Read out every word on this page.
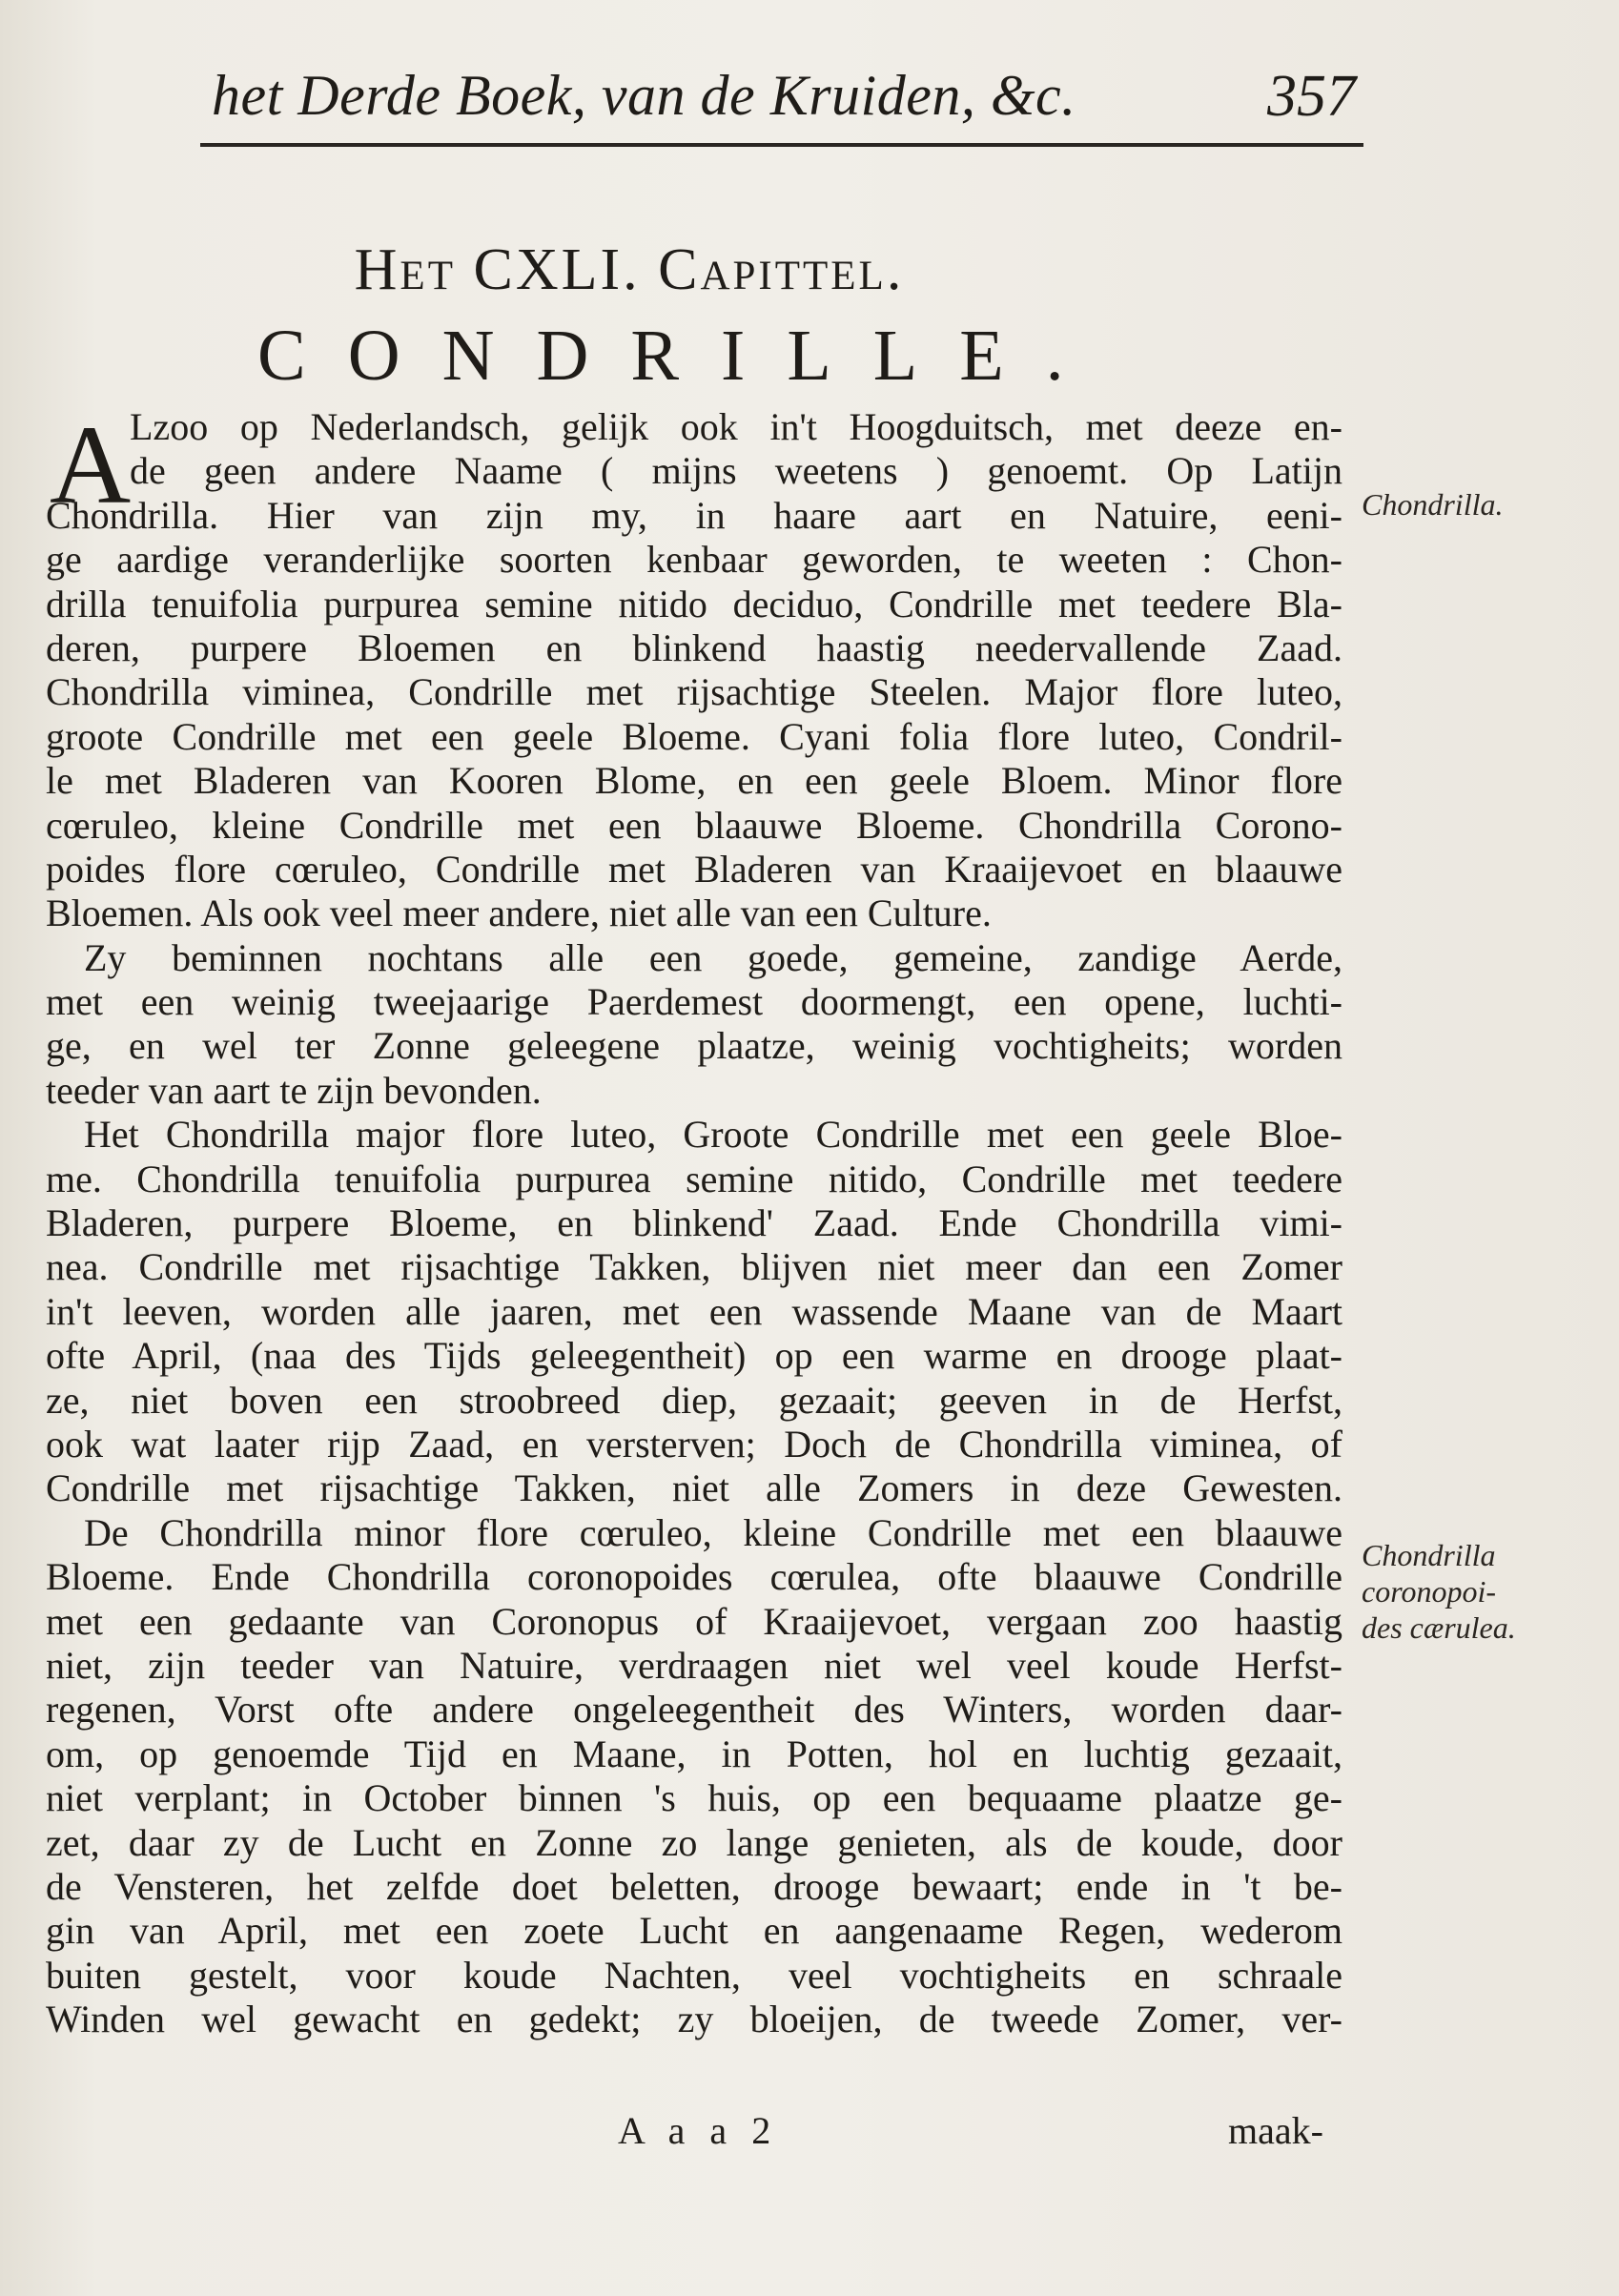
het Derde Boek, van de Kruiden, &c.	357
Het CXLI. Capittel.
CONDRILLE.
A
Lzoo op Nederlandsch, gelijk ook in't Hoogduitsch, met deeze en-
de geen andere Naame ( mijns weetens ) genoemt. Op Latijn
Chondrilla. Hier van zijn my, in haare aart en Natuire, eeni-
ge aardige veranderlijke soorten kenbaar geworden, te weeten : Chon-
drilla tenuifolia purpurea semine nitido deciduo, Condrille met teedere Bla-
deren, purpere Bloemen en blinkend haastig needervallende Zaad.
Chondrilla viminea, Condrille met rijsachtige Steelen. Major flore luteo,
groote Condrille met een geele Bloeme. Cyani folia flore luteo, Condril-
le met Bladeren van Kooren Blome, en een geele Bloem. Minor flore
cœruleo, kleine Condrille met een blaauwe Bloeme. Chondrilla Corono-
poides flore cœruleo, Condrille met Bladeren van Kraaijevoet en blaauwe
Bloemen. Als ook veel meer andere, niet alle van een Culture.
Zy beminnen nochtans alle een goede, gemeine, zandige Aerde,
met een weinig tweejaarige Paerdemest doormengt, een opene, luchti-
ge, en wel ter Zonne geleegene plaatze, weinig vochtigheits; worden
teeder van aart te zijn bevonden.
Het Chondrilla major flore luteo, Groote Condrille met een geele Bloe-
me. Chondrilla tenuifolia purpurea semine nitido, Condrille met teedere
Bladeren, purpere Bloeme, en blinkend' Zaad. Ende Chondrilla vimi-
nea. Condrille met rijsachtige Takken, blijven niet meer dan een Zomer
in't leeven, worden alle jaaren, met een wassende Maane van de Maart
ofte April, (naa des Tijds geleegentheit) op een warme en drooge plaat-
ze, niet boven een stroobreed diep, gezaait; geeven in de Herfst,
ook wat laater rijp Zaad, en versterven; Doch de Chondrilla viminea, of
Condrille met rijsachtige Takken, niet alle Zomers in deze Gewesten.
De Chondrilla minor flore cœruleo, kleine Condrille met een blaauwe
Bloeme. Ende Chondrilla coronopoides cœrulea, ofte blaauwe Condrille
met een gedaante van Coronopus of Kraaijevoet, vergaan zoo haastig
niet, zijn teeder van Natuire, verdraagen niet wel veel koude Herfst-
regenen, Vorst ofte andere ongeleegentheit des Winters, worden daar-
om, op genoemde Tijd en Maane, in Potten, hol en luchtig gezaait,
niet verplant; in October binnen 's huis, op een bequaame plaatze ge-
zet, daar zy de Lucht en Zonne zo lange genieten, als de koude, door
de Vensteren, het zelfde doet beletten, drooge bewaart; ende in 't be-
gin van April, met een zoete Lucht en aangenaame Regen, wederom
buiten gestelt, voor koude Nachten, veel vochtigheits en schraale
Winden wel gewacht en gedekt; zy bloeijen, de tweede Zomer, ver-
A a a 2	maak-
Chondrilla.
Chondrilla
coronopoi-
des cærulea.
